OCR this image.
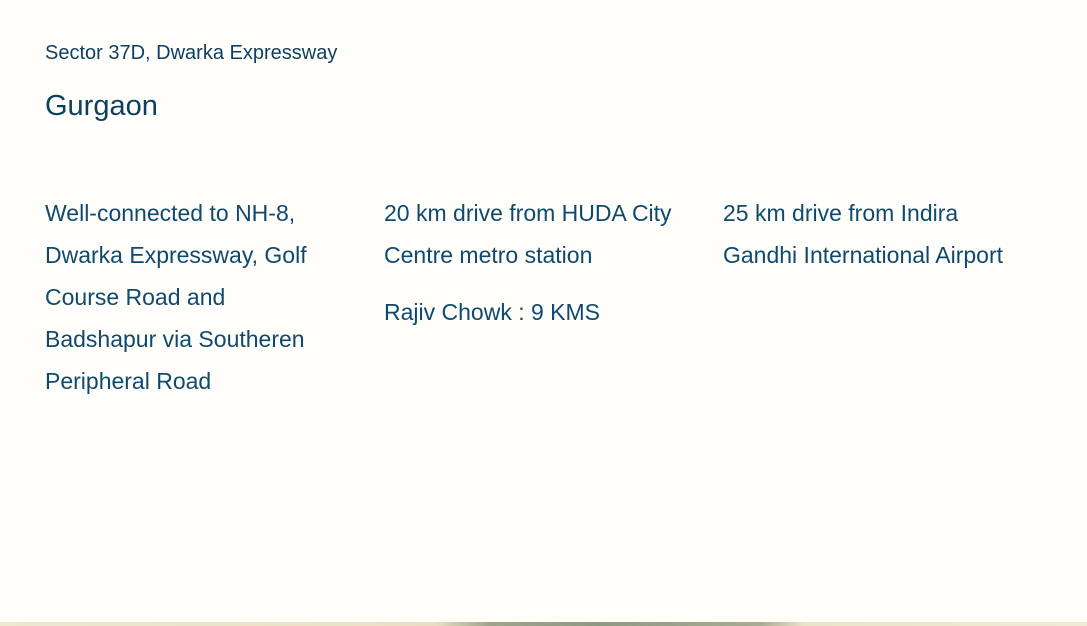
Sector 37D, Dwarka Expressway

Gurgaon

Well-connected to NH-8, Dwarka Expressway, Golf Course Road and Badshapur via Southeren Peripheral Road

20 km drive from HUDA City Centre metro station

Rajiv Chowk : 9 KMS

25 km drive from Indira Gandhi International Airport
